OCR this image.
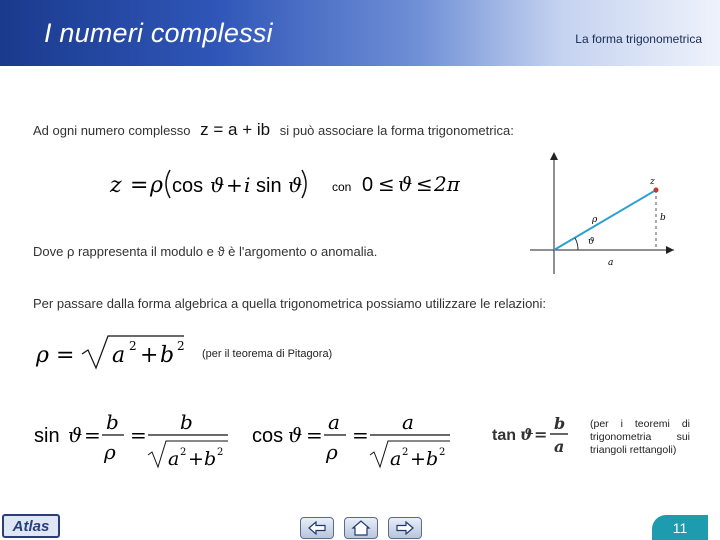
I numeri complessi	La forma trigonometrica
Ad ogni numero complesso z = a + ib si può associare la forma trigonometrica:
z = ρ cos ϑ + i sin ϑ con 0 ≤ ϑ ≤ 2π	z
ρ	b
ϑ
a
Dove ρ rappresenta il modulo e ϑ è l'argomento o anomalia.
Per passare dalla forma algebrica a quella trigonometrica possiamo utilizzare le relazioni:
ρ = a 2 + b 2
(per il teorema di Pitagora)
sin ϑ =
b
ρ
=
b
a 2 + b 2
cos ϑ =
a
ρ
=
a
a 2 + b 2
tan ϑ =
b
a
(per i teoremi di trigonometria sui triangoli rettangoli)
Atlas	11
